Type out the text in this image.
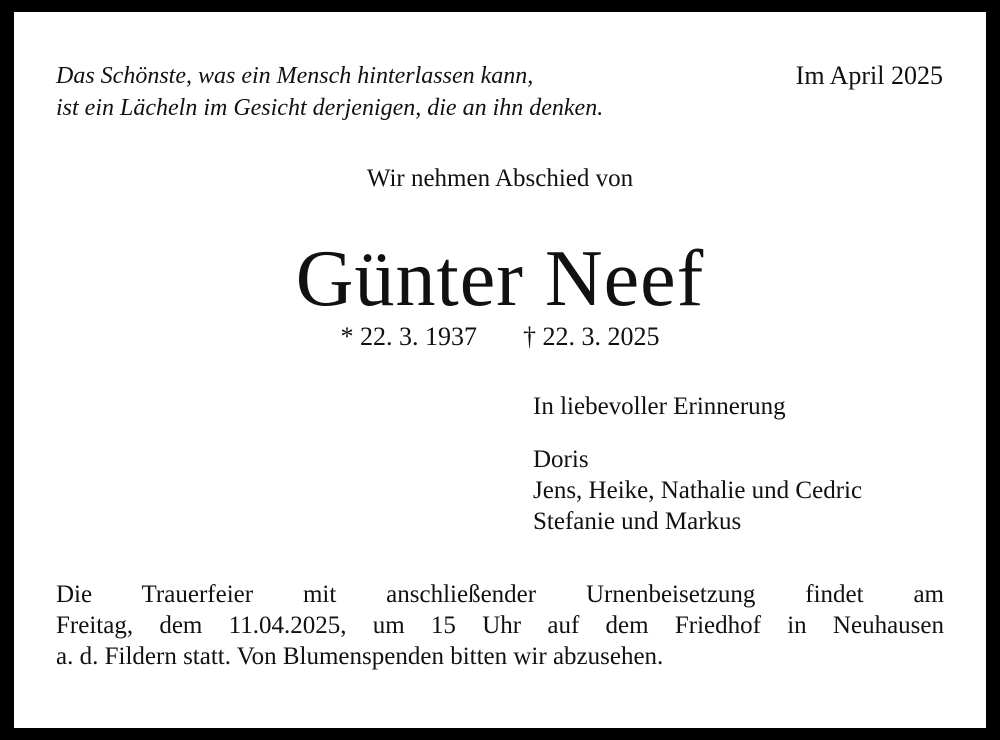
Das Schönste, was ein Mensch hinterlassen kann,
ist ein Lächeln im Gesicht derjenigen, die an ihn denken.
Im April 2025
Wir nehmen Abschied von
Günter Neef
* 22. 3. 1937 † 22. 3. 2025
In liebevoller Erinnerung
Doris
Jens, Heike, Nathalie und Cedric
Stefanie und Markus
Die Trauerfeier mit anschließender Urnenbeisetzung findet am
Freitag, dem 11.04.2025, um 15 Uhr auf dem Friedhof in Neuhausen
a. d. Fildern statt. Von Blumenspenden bitten wir abzusehen.
